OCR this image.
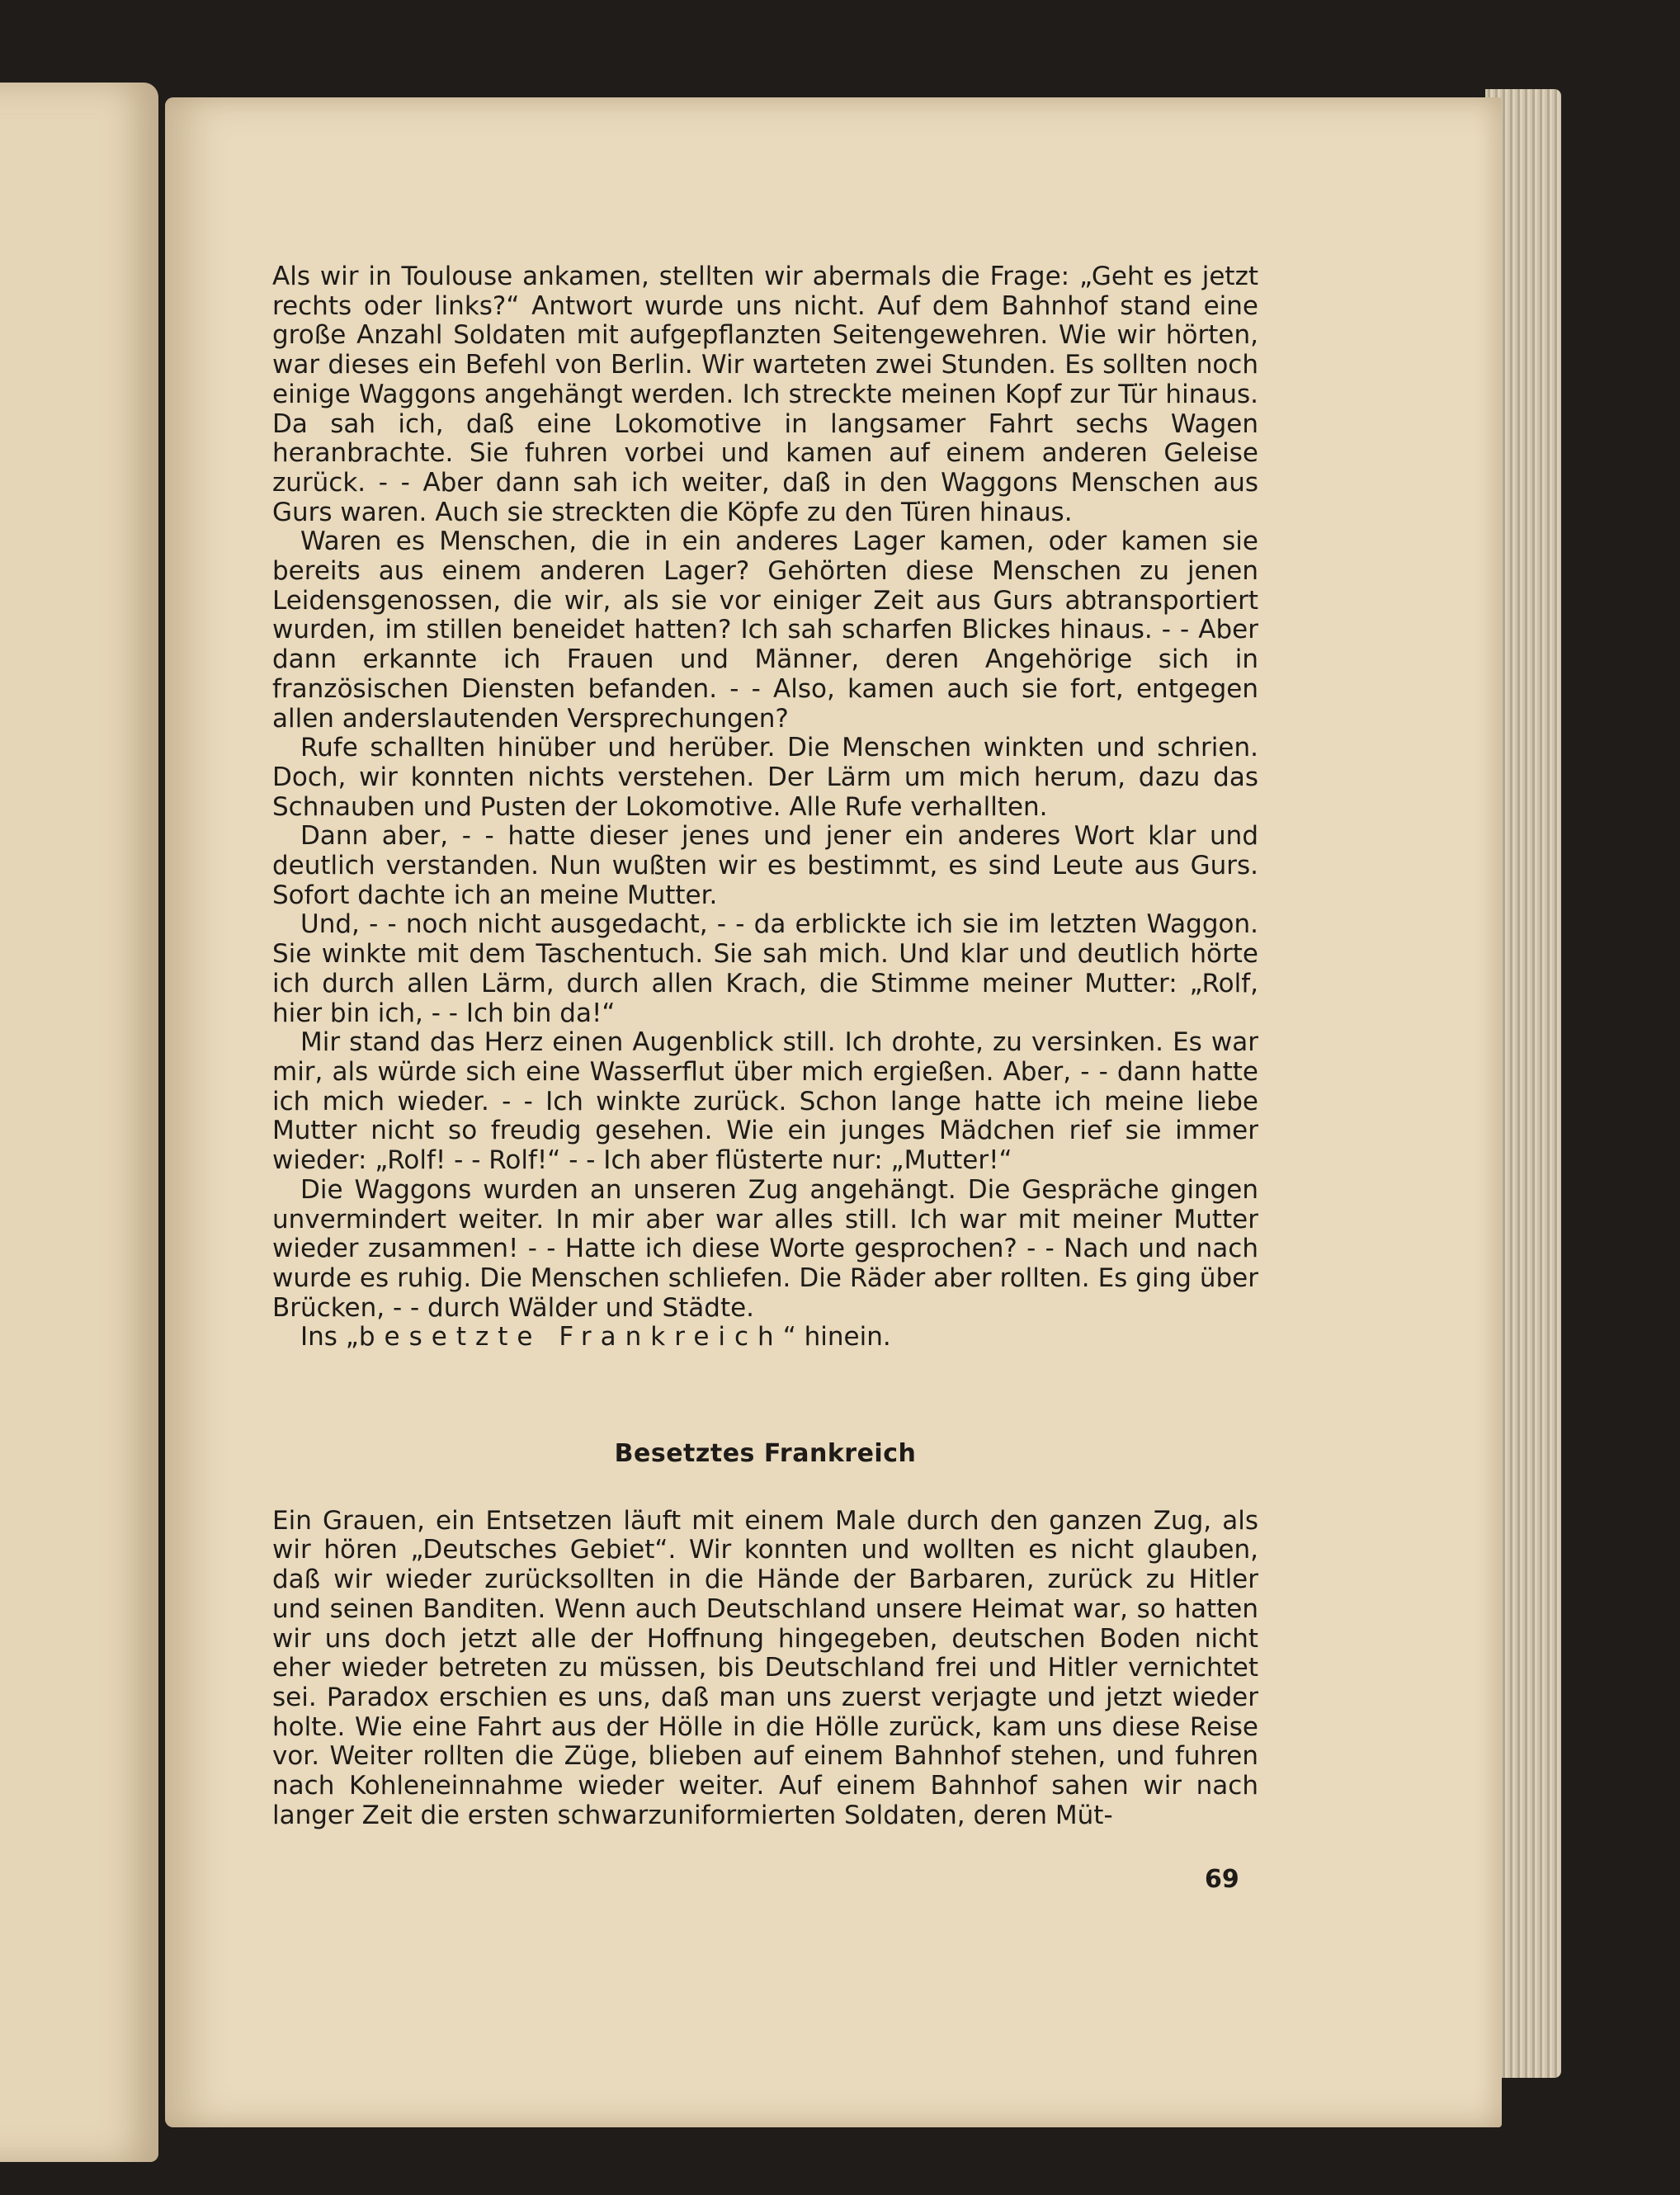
Als wir in Toulouse ankamen, stellten wir abermals die Frage: „Geht es jetzt rechts oder links?“ Antwort wurde uns nicht. Auf dem Bahnhof stand eine große Anzahl Soldaten mit aufgepflanzten Seitengewehren. Wie wir hörten, war dieses ein Befehl von Berlin. Wir warteten zwei Stunden. Es sollten noch einige Waggons angehängt werden. Ich streckte meinen Kopf zur Tür hinaus. Da sah ich, daß eine Lokomotive in langsamer Fahrt sechs Wagen heranbrachte. Sie fuhren vorbei und kamen auf einem anderen Geleise zurück. - - Aber dann sah ich weiter, daß in den Waggons Menschen aus Gurs waren. Auch sie streckten die Köpfe zu den Türen hinaus.

Waren es Menschen, die in ein anderes Lager kamen, oder kamen sie bereits aus einem anderen Lager? Gehörten diese Menschen zu jenen Leidensgenossen, die wir, als sie vor einiger Zeit aus Gurs abtransportiert wurden, im stillen beneidet hatten? Ich sah scharfen Blickes hinaus. - - Aber dann erkannte ich Frauen und Männer, deren Angehörige sich in französischen Diensten befanden. - - Also, kamen auch sie fort, entgegen allen anderslautenden Versprechungen?

Rufe schallten hinüber und herüber. Die Menschen winkten und schrien. Doch, wir konnten nichts verstehen. Der Lärm um mich herum, dazu das Schnauben und Pusten der Lokomotive. Alle Rufe verhallten.

Dann aber, - - hatte dieser jenes und jener ein anderes Wort klar und deutlich verstanden. Nun wußten wir es bestimmt, es sind Leute aus Gurs. Sofort dachte ich an meine Mutter.

Und, - - noch nicht ausgedacht, - - da erblickte ich sie im letzten Waggon. Sie winkte mit dem Taschentuch. Sie sah mich. Und klar und deutlich hörte ich durch allen Lärm, durch allen Krach, die Stimme meiner Mutter: „Rolf, hier bin ich, - - Ich bin da!“

Mir stand das Herz einen Augenblick still. Ich drohte, zu versinken. Es war mir, als würde sich eine Wasserflut über mich ergießen. Aber, - - dann hatte ich mich wieder. - - Ich winkte zurück. Schon lange hatte ich meine liebe Mutter nicht so freudig gesehen. Wie ein junges Mädchen rief sie immer wieder: „Rolf! - - Rolf!“ - - Ich aber flüsterte nur: „Mutter!“

Die Waggons wurden an unseren Zug angehängt. Die Gespräche gingen unvermindert weiter. In mir aber war alles still. Ich war mit meiner Mutter wieder zusammen! - - Hatte ich diese Worte gesprochen? - - Nach und nach wurde es ruhig. Die Menschen schliefen. Die Räder aber rollten. Es ging über Brücken, - - durch Wälder und Städte.

Ins „besetzte Frankreich“ hinein.

Besetztes Frankreich

Ein Grauen, ein Entsetzen läuft mit einem Male durch den ganzen Zug, als wir hören „Deutsches Gebiet“. Wir konnten und wollten es nicht glauben, daß wir wieder zurücksollten in die Hände der Barbaren, zurück zu Hitler und seinen Banditen. Wenn auch Deutschland unsere Heimat war, so hatten wir uns doch jetzt alle der Hoffnung hingegeben, deutschen Boden nicht eher wieder betreten zu müssen, bis Deutschland frei und Hitler vernichtet sei. Paradox erschien es uns, daß man uns zuerst verjagte und jetzt wieder holte. Wie eine Fahrt aus der Hölle in die Hölle zurück, kam uns diese Reise vor. Weiter rollten die Züge, blieben auf einem Bahnhof stehen, und fuhren nach Kohleneinnahme wieder weiter. Auf einem Bahnhof sahen wir nach langer Zeit die ersten schwarzuniformierten Soldaten, deren Müt-

69
